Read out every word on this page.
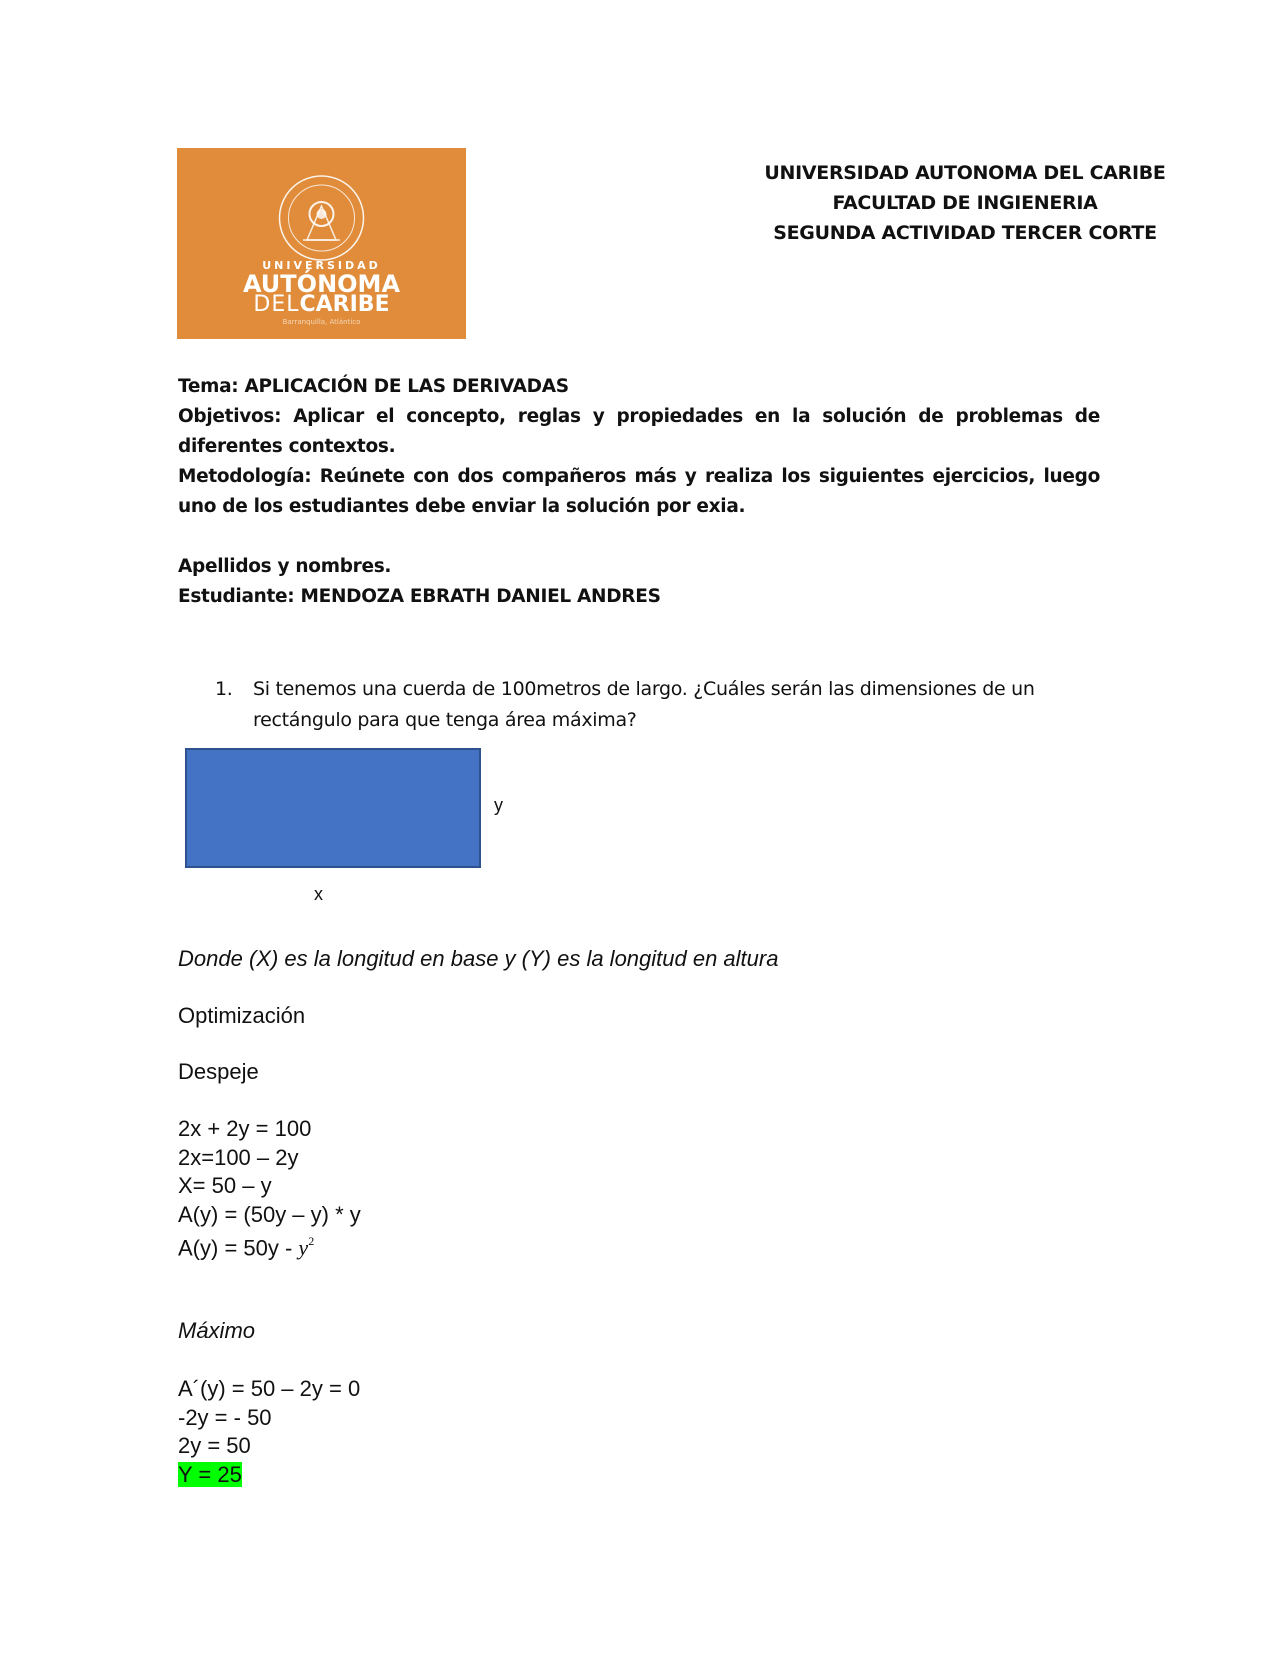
UNIVERSIDAD
AUTÓNOMA
DELCARIBE
Barranquilla, Atlántico
UNIVERSIDAD AUTONOMA DEL CARIBE
FACULTAD DE INGIENERIA
SEGUNDA ACTIVIDAD TERCER CORTE

Tema: APLICACIÓN DE LAS DERIVADAS

Objetivos: Aplicar el concepto, reglas y propiedades en la solución de problemas de diferentes contextos.

Metodología: Reúnete con dos compañeros más y realiza los siguientes ejercicios, luego uno de los estudiantes debe enviar la solución por exia.

Apellidos y nombres.

Estudiante: MENDOZA EBRATH DANIEL ANDRES

1. Si tenemos una cuerda de 100metros de largo. ¿Cuáles serán las dimensiones de un rectángulo para que tenga área máxima?
y
x
Donde (X) es la longitud en base y (Y) es la longitud en altura
Optimización
Despeje
2x + 2y = 100
2x=100 – 2y
X= 50 – y
A(y) = (50y – y) * y
$A(y) = 50y - y^2$
Máximo
A´(y) = 50 – 2y = 0
-2y = - 50
2y = 50
Y = 25
